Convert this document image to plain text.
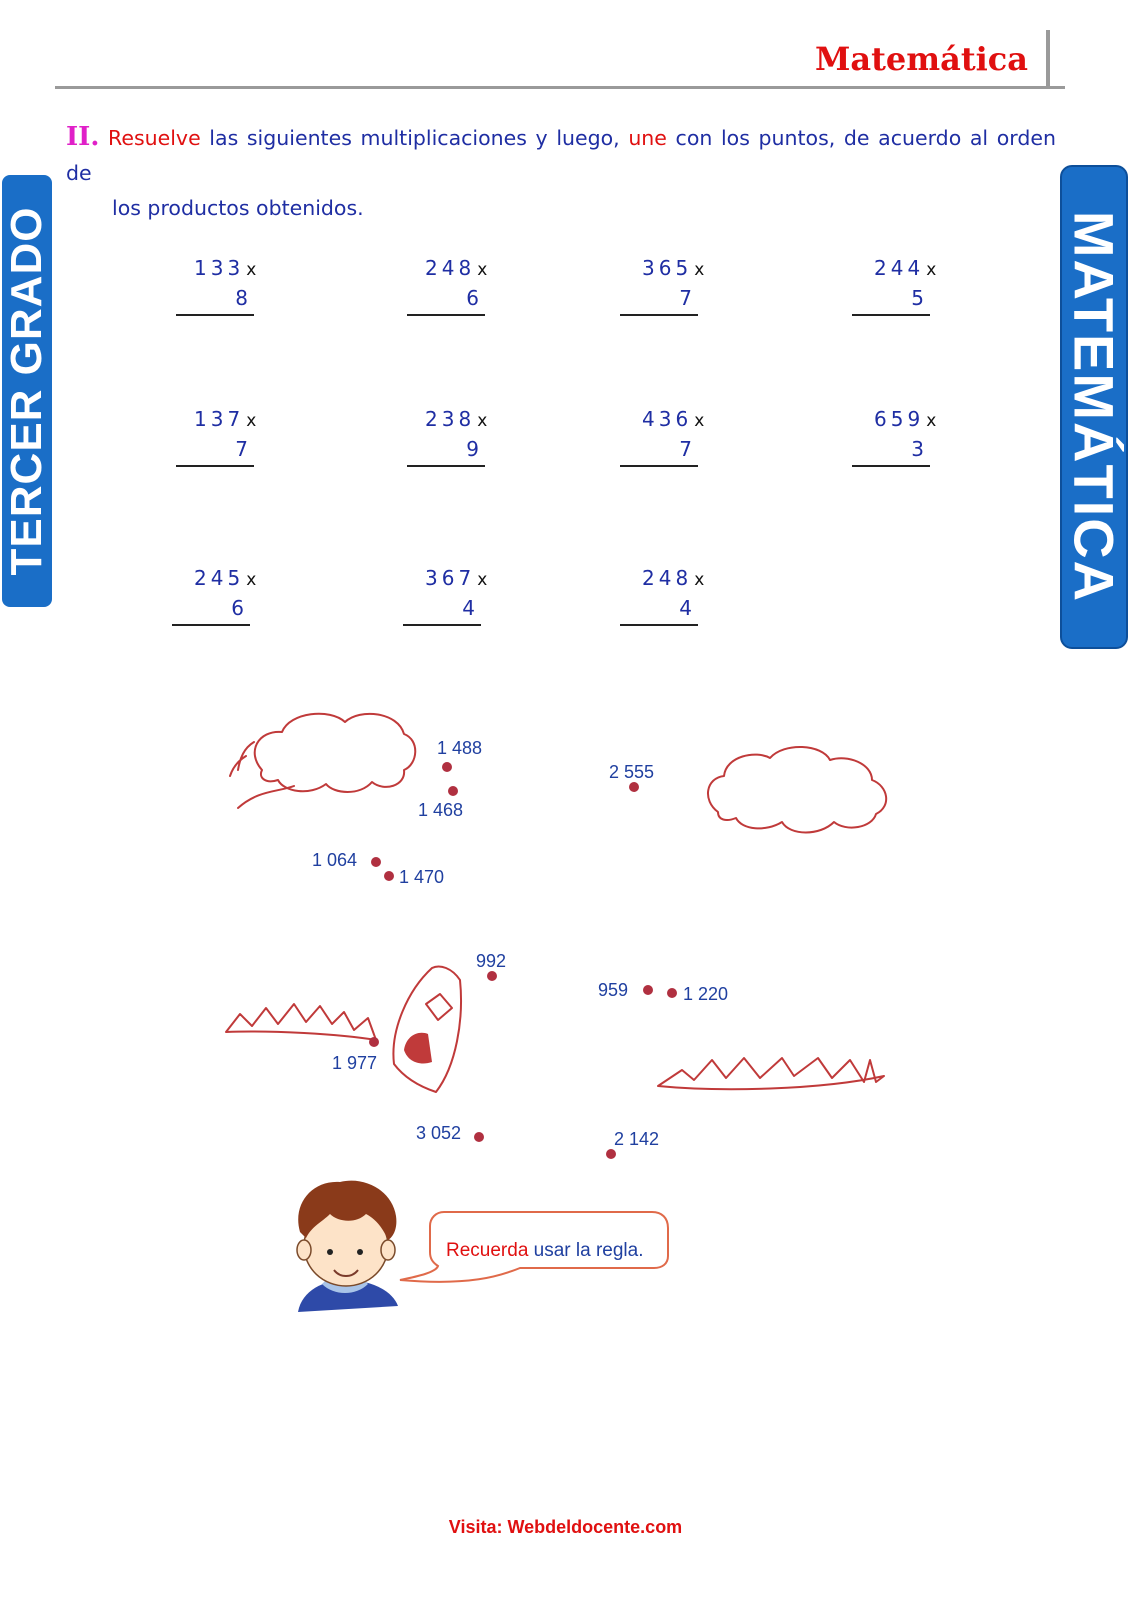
Matemática
TERCER GRADO	MATEMÁTICA
II. Resuelve las siguientes multiplicaciones y luego, une con los puntos, de acuerdo al orden de
los productos obtenidos.
133 x
8
248 x
6
365 x
7
244 x
5
137 x
7
238 x
9
436 x
7
659 x
3
245 x
6
367 x
4
248 x
4
1 488
1 468
2 555
1 064
1 470
992
959	1 220
1 977
3 052	2 142
Recuerda usar la regla.
Visita: Webdeldocente.com
